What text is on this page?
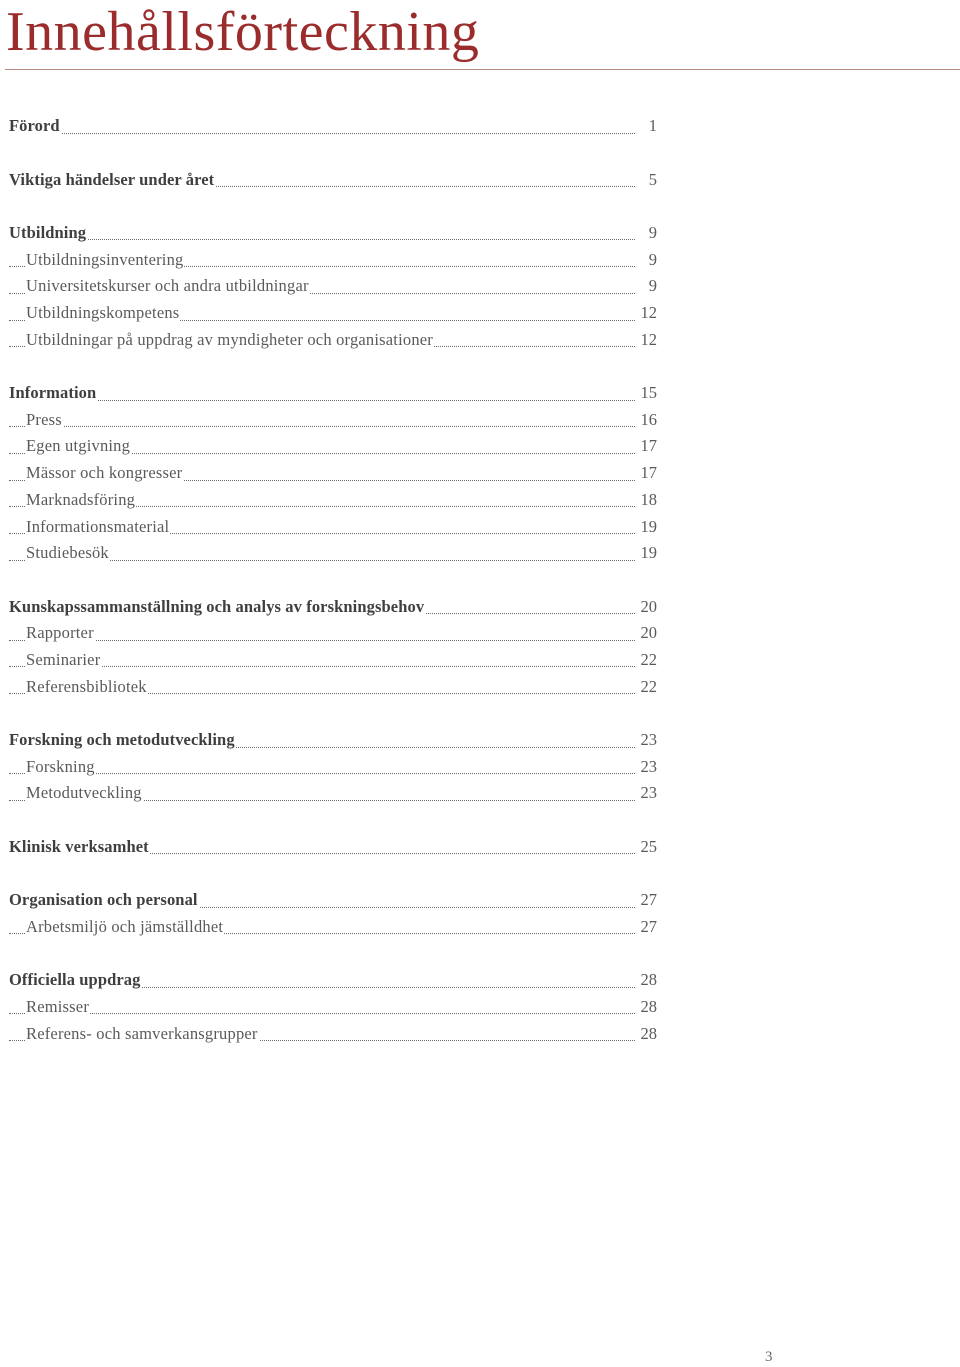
Innehållsförteckning
Förord	1
Viktiga händelser under året	5
Utbildning	9
Utbildningsinventering	9
Universitetskurser och andra utbildningar	9
Utbildningskompetens	12
Utbildningar på uppdrag av myndigheter och organisationer	12
Information	15
Press	16
Egen utgivning	17
Mässor och kongresser	17
Marknadsföring	18
Informationsmaterial	19
Studiebesök	19
Kunskapssammanställning och analys av forskningsbehov	20
Rapporter	20
Seminarier	22
Referensbibliotek	22
Forskning och metodutveckling	23
Forskning	23
Metodutveckling	23
Klinisk verksamhet	25
Organisation och personal	27
Arbetsmiljö och jämställdhet	27
Officiella uppdrag	28
Remisser	28
Referens- och samverkansgrupper	28
3
